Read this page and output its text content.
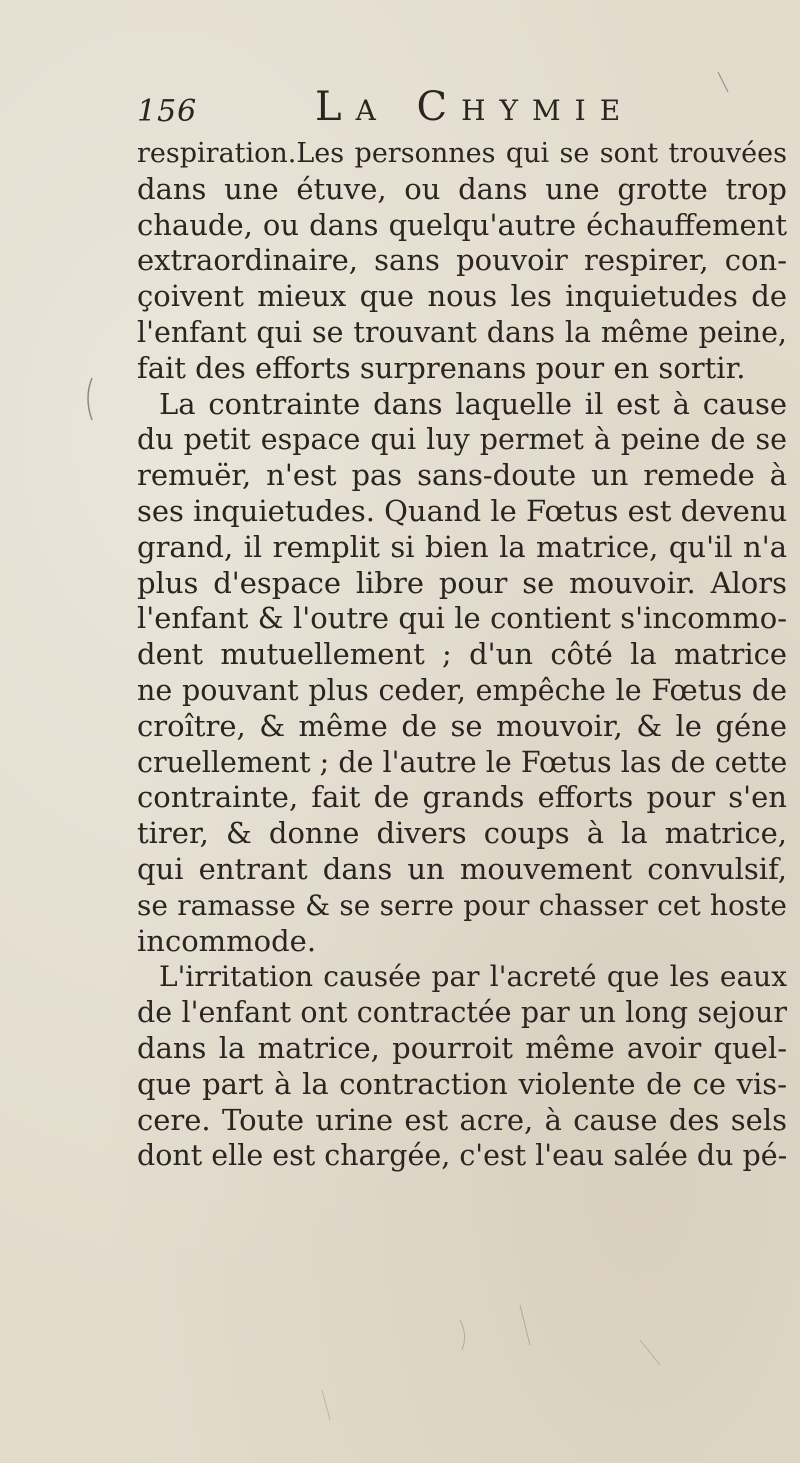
156	La Chymie
respiration.Les personnes qui se sont trouvées
dans une étuve, ou dans une grotte trop
chaude, ou dans quelqu'autre échauffement
extraordinaire, sans pouvoir respirer, con-
çoivent mieux que nous les inquietudes de
l'enfant qui se trouvant dans la même peine,
fait des efforts surprenans pour en sortir.
La contrainte dans laquelle il est à cause
du petit espace qui luy permet à peine de se
remuër, n'est pas sans-doute un remede à
ses inquietudes. Quand le Fœtus est devenu
grand, il remplit si bien la matrice, qu'il n'a
plus d'espace libre pour se mouvoir. Alors
l'enfant & l'outre qui le contient s'incommo-
dent mutuellement ; d'un côté la matrice
ne pouvant plus ceder, empêche le Fœtus de
croître, & même de se mouvoir, & le géne
cruellement ; de l'autre le Fœtus las de cette
contrainte, fait de grands efforts pour s'en
tirer, & donne divers coups à la matrice,
qui entrant dans un mouvement convulsif,
se ramasse & se serre pour chasser cet hoste
incommode.
L'irritation causée par l'acreté que les eaux
de l'enfant ont contractée par un long sejour
dans la matrice, pourroit même avoir quel-
que part à la contraction violente de ce vis-
cere. Toute urine est acre, à cause des sels
dont elle est chargée, c'est l'eau salée du pé-
